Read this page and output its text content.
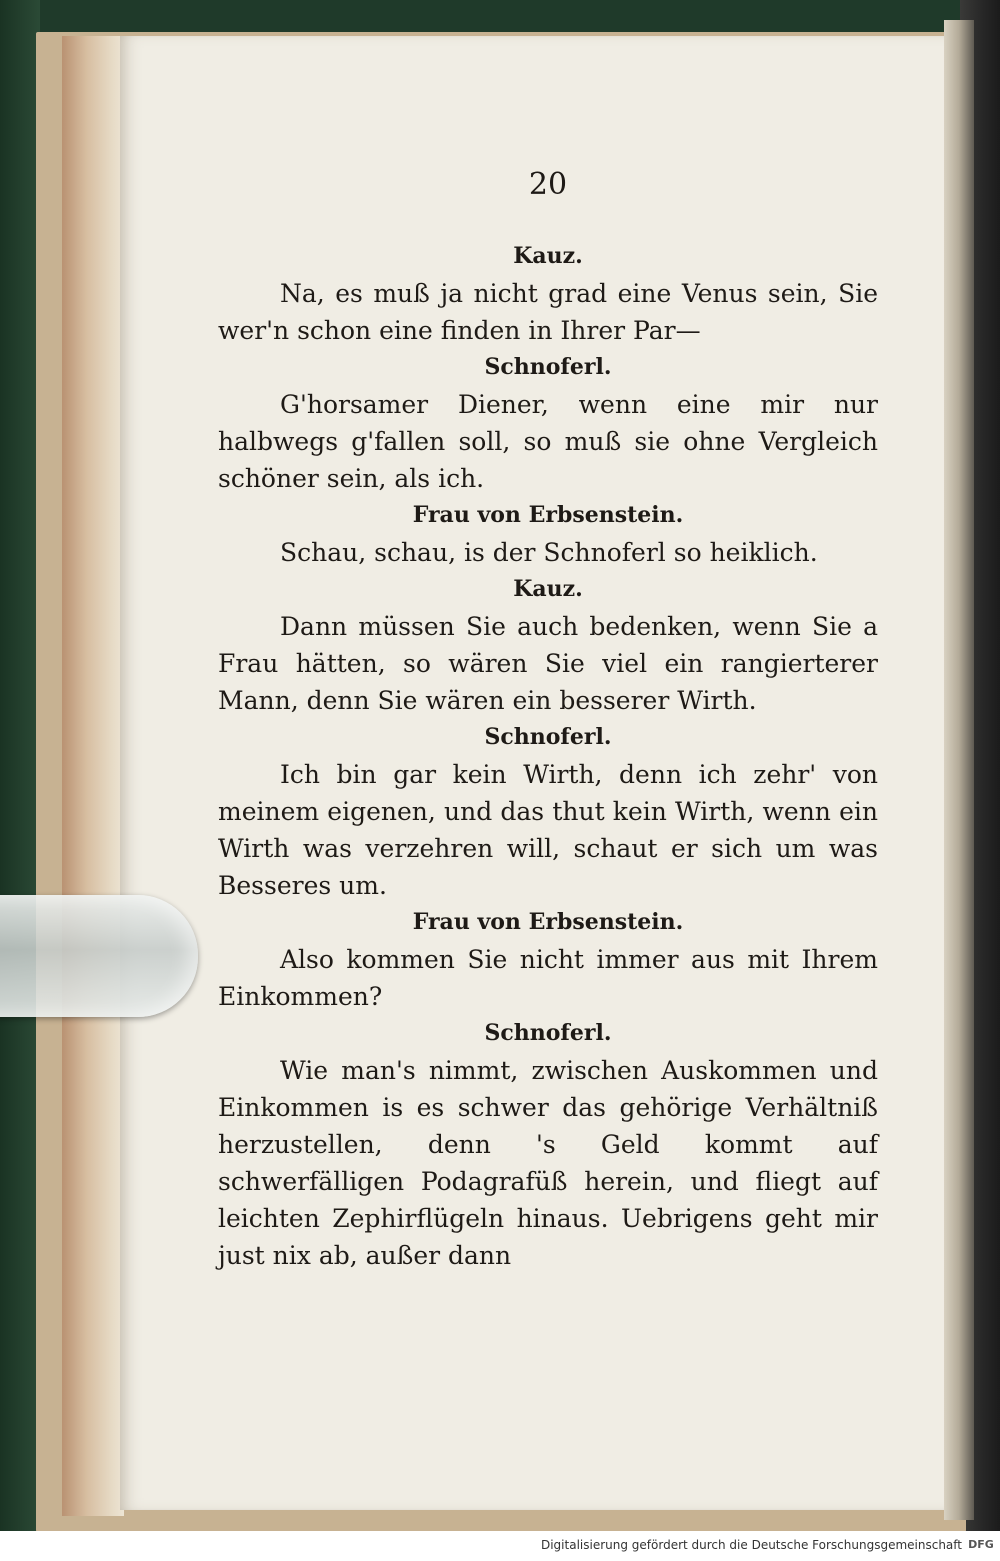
20
Kauz.

Na, es muß ja nicht grad eine Venus sein, Sie wer'n schon eine finden in Ihrer Par—

Schnoferl.

G'horsamer Diener, wenn eine mir nur halbwegs g'fallen soll, so muß sie ohne Vergleich schöner sein, als ich.

Frau von Erbsenstein.

Schau, schau, is der Schnoferl so heiklich.

Kauz.

Dann müssen Sie auch bedenken, wenn Sie a Frau hätten, so wären Sie viel ein rangierterer Mann, denn Sie wären ein besserer Wirth.

Schnoferl.

Ich bin gar kein Wirth, denn ich zehr' von meinem eigenen, und das thut kein Wirth, wenn ein Wirth was verzehren will, schaut er sich um was Besseres um.

Frau von Erbsenstein.

Also kommen Sie nicht immer aus mit Ihrem Einkommen?

Schnoferl.

Wie man's nimmt, zwischen Auskommen und Einkommen is es schwer das gehörige Verhältniß herzustellen, denn 's Geld kommt auf schwerfälligen Podagrafüß herein, und fliegt auf leichten Zephirflügeln hinaus. Uebrigens geht mir just nix ab, außer dann

Digitalisierung gefördert durch die Deutsche Forschungsgemeinschaft DFG
